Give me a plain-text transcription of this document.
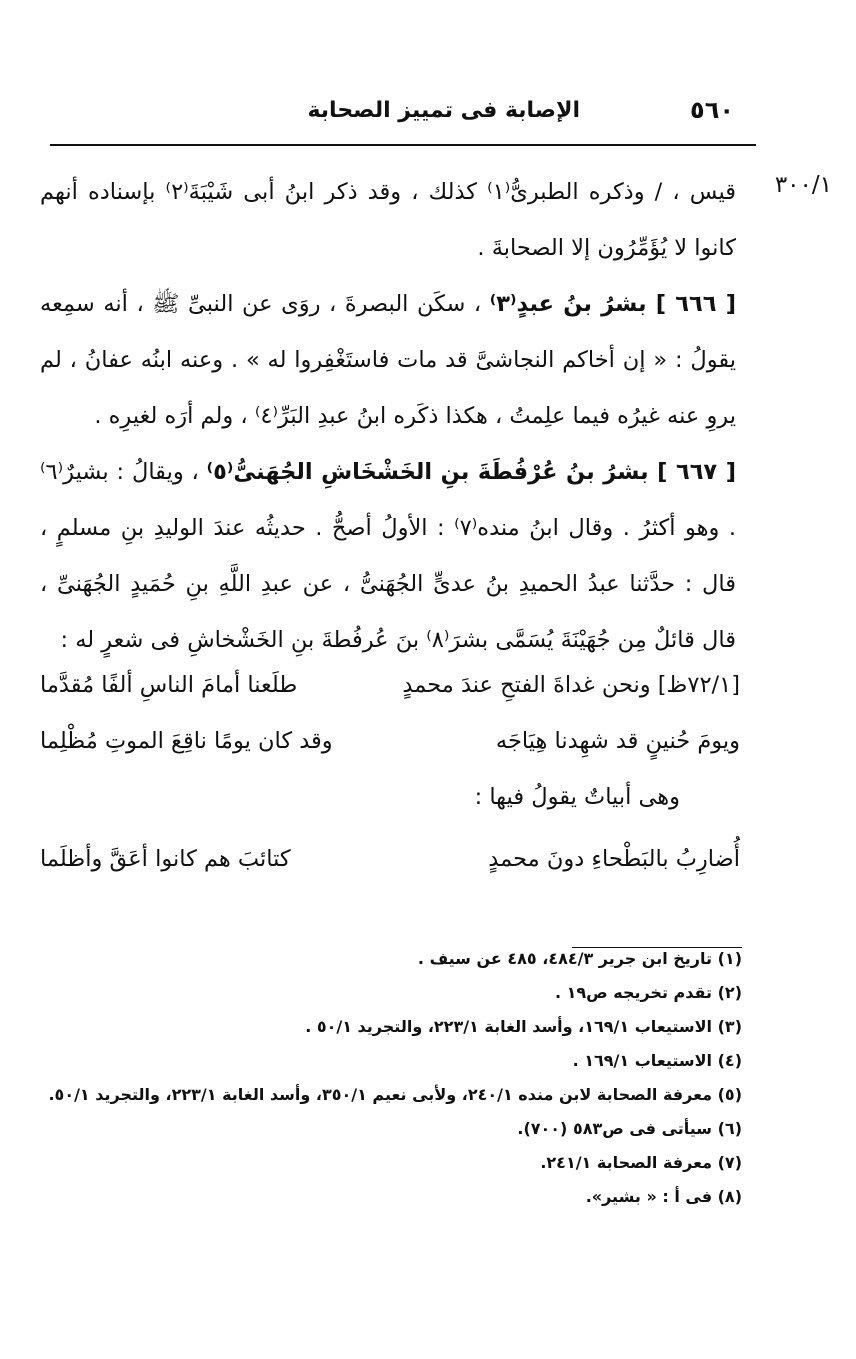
٥٦٠
الإصابة فى تمييز الصحابة
٣٠٠/١

قيس ، / وذكره الطبرىُّ⁽١⁾ كذلك ، وقد ذكر ابنُ أبى شَيْبَةَ⁽٢⁾ بإسناده أنهم كانوا لا يُؤَمِّرُون إلا الصحابةَ .

[ ٦٦٦ ] بشرُ بنُ عبدٍ⁽٣⁾ ، سكَن البصرةَ ، روَى عن النبىِّ ﷺ ، أنه سمِعه يقولُ : « إن أخاكم النجاشىَّ قد مات فاستَغْفِروا له » . وعنه ابنُه عفانُ ، لم يروِ عنه غيرُه فيما علِمتُ ، هكذا ذكَره ابنُ عبدِ البَرِّ⁽٤⁾ ، ولم أرَه لغيرِه .

[ ٦٦٧ ] بشرُ بنُ عُرْفُطَةَ بنِ الخَشْخَاشِ الجُهَنىُّ⁽٥⁾ ، ويقالُ : بشيرٌ⁽٦⁾ . وهو أكثرُ . وقال ابنُ منده⁽٧⁾ : الأولُ أصحُّ . حديثُه عندَ الوليدِ بنِ مسلمٍ ، قال : حدَّثنا عبدُ الحميدِ بنُ عدىٍّ الجُهَنىُّ ، عن عبدِ اللَّهِ بنِ حُمَيدٍ الجُهَنىِّ ، قال قائلٌ مِن جُهَيْنَةَ يُسَمَّى بشرَ⁽٨⁾ بنَ عُرفُطةَ بنِ الخَشْخاشِ فى شعرٍ له :

[٧٢/١ظ] ونحن غداةَ الفتحِ عندَ محمدٍ
طلَعنا أمامَ الناسِ ألفًا مُقدَّما
ويومَ حُنينٍ قد شهِدنا هِيَاجَه
وقد كان يومًا ناقِعَ الموتِ مُظْلِما
وهى أبياتٌ يقولُ فيها :
أُضارِبُ بالبَطْحاءِ دونَ محمدٍ
كتائبَ هم كانوا أعَقَّ وأظلَما
(١) تاريخ ابن جرير ٤٨٤/٣، ٤٨٥ عن سيف .
(٢) تقدم تخريجه ص١٩ .
(٣) الاستيعاب ١٦٩/١، وأسد الغابة ٢٢٣/١، والتجريد ٥٠/١ .
(٤) الاستيعاب ١٦٩/١ .
(٥) معرفة الصحابة لابن منده ٢٤٠/١، ولأبى نعيم ٣٥٠/١، وأسد الغابة ٢٢٣/١، والتجريد ٥٠/١.
(٦) سيأتى فى ص٥٨٣ (٧٠٠).
(٧) معرفة الصحابة ٢٤١/١.
(٨) فى أ : « بشير».
